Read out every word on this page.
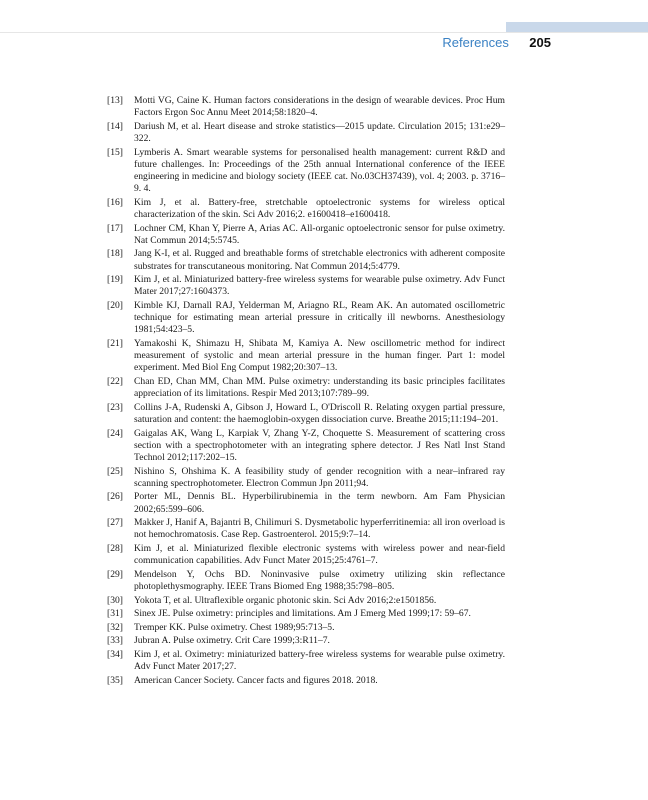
References 205
[13] Motti VG, Caine K. Human factors considerations in the design of wearable devices. Proc Hum Factors Ergon Soc Annu Meet 2014;58:1820–4.
[14] Dariush M, et al. Heart disease and stroke statistics—2015 update. Circulation 2015; 131:e29–322.
[15] Lymberis A. Smart wearable systems for personalised health management: current R&D and future challenges. In: Proceedings of the 25th annual International conference of the IEEE engineering in medicine and biology society (IEEE cat. No.03CH37439), vol. 4; 2003. p. 3716–9. 4.
[16] Kim J, et al. Battery-free, stretchable optoelectronic systems for wireless optical characterization of the skin. Sci Adv 2016;2. e1600418–e1600418.
[17] Lochner CM, Khan Y, Pierre A, Arias AC. All-organic optoelectronic sensor for pulse oximetry. Nat Commun 2014;5:5745.
[18] Jang K-I, et al. Rugged and breathable forms of stretchable electronics with adherent composite substrates for transcutaneous monitoring. Nat Commun 2014;5:4779.
[19] Kim J, et al. Miniaturized battery-free wireless systems for wearable pulse oximetry. Adv Funct Mater 2017;27:1604373.
[20] Kimble KJ, Darnall RAJ, Yelderman M, Ariagno RL, Ream AK. An automated oscillometric technique for estimating mean arterial pressure in critically ill newborns. Anesthesiology 1981;54:423–5.
[21] Yamakoshi K, Shimazu H, Shibata M, Kamiya A. New oscillometric method for indirect measurement of systolic and mean arterial pressure in the human finger. Part 1: model experiment. Med Biol Eng Comput 1982;20:307–13.
[22] Chan ED, Chan MM, Chan MM. Pulse oximetry: understanding its basic principles facilitates appreciation of its limitations. Respir Med 2013;107:789–99.
[23] Collins J-A, Rudenski A, Gibson J, Howard L, O'Driscoll R. Relating oxygen partial pressure, saturation and content: the haemoglobin-oxygen dissociation curve. Breathe 2015;11:194–201.
[24] Gaigalas AK, Wang L, Karpiak V, Zhang Y-Z, Choquette S. Measurement of scattering cross section with a spectrophotometer with an integrating sphere detector. J Res Natl Inst Stand Technol 2012;117:202–15.
[25] Nishino S, Ohshima K. A feasibility study of gender recognition with a near–infrared ray scanning spectrophotometer. Electron Commun Jpn 2011;94.
[26] Porter ML, Dennis BL. Hyperbilirubinemia in the term newborn. Am Fam Physician 2002;65:599–606.
[27] Makker J, Hanif A, Bajantri B, Chilimuri S. Dysmetabolic hyperferritinemia: all iron overload is not hemochromatosis. Case Rep. Gastroenterol. 2015;9:7–14.
[28] Kim J, et al. Miniaturized flexible electronic systems with wireless power and near-field communication capabilities. Adv Funct Mater 2015;25:4761–7.
[29] Mendelson Y, Ochs BD. Noninvasive pulse oximetry utilizing skin reflectance photoplethysmography. IEEE Trans Biomed Eng 1988;35:798–805.
[30] Yokota T, et al. Ultraflexible organic photonic skin. Sci Adv 2016;2:e1501856.
[31] Sinex JE. Pulse oximetry: principles and limitations. Am J Emerg Med 1999;17: 59–67.
[32] Tremper KK. Pulse oximetry. Chest 1989;95:713–5.
[33] Jubran A. Pulse oximetry. Crit Care 1999;3:R11–7.
[34] Kim J, et al. Oximetry: miniaturized battery-free wireless systems for wearable pulse oximetry. Adv Funct Mater 2017;27.
[35] American Cancer Society. Cancer facts and figures 2018. 2018.
